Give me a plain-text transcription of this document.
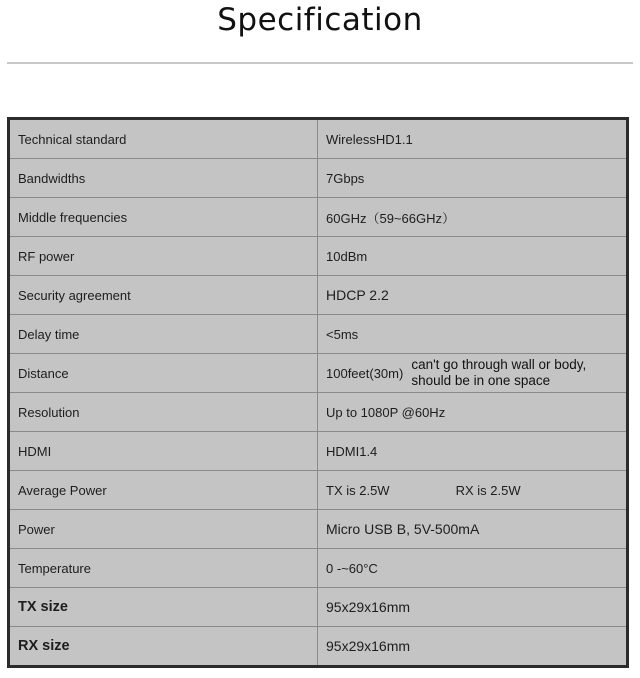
Specification
Technical standard	WirelessHD1.1
Bandwidths	7Gbps
Middle frequencies	60GHz（59~66GHz）
RF power	10dBm
Security agreement	HDCP 2.2
Delay time	<5ms
Distance	100feet(30m)
can't go through wall or body,
should be in one space

Resolution	Up to 1080P @60Hz
HDMI	HDMI1.4
Average Power	TX is 2.5W RX is 2.5W
Power	Micro USB B, 5V-500mA
Temperature	0 -~60°C
TX size	95x29x16mm
RX size	95x29x16mm
